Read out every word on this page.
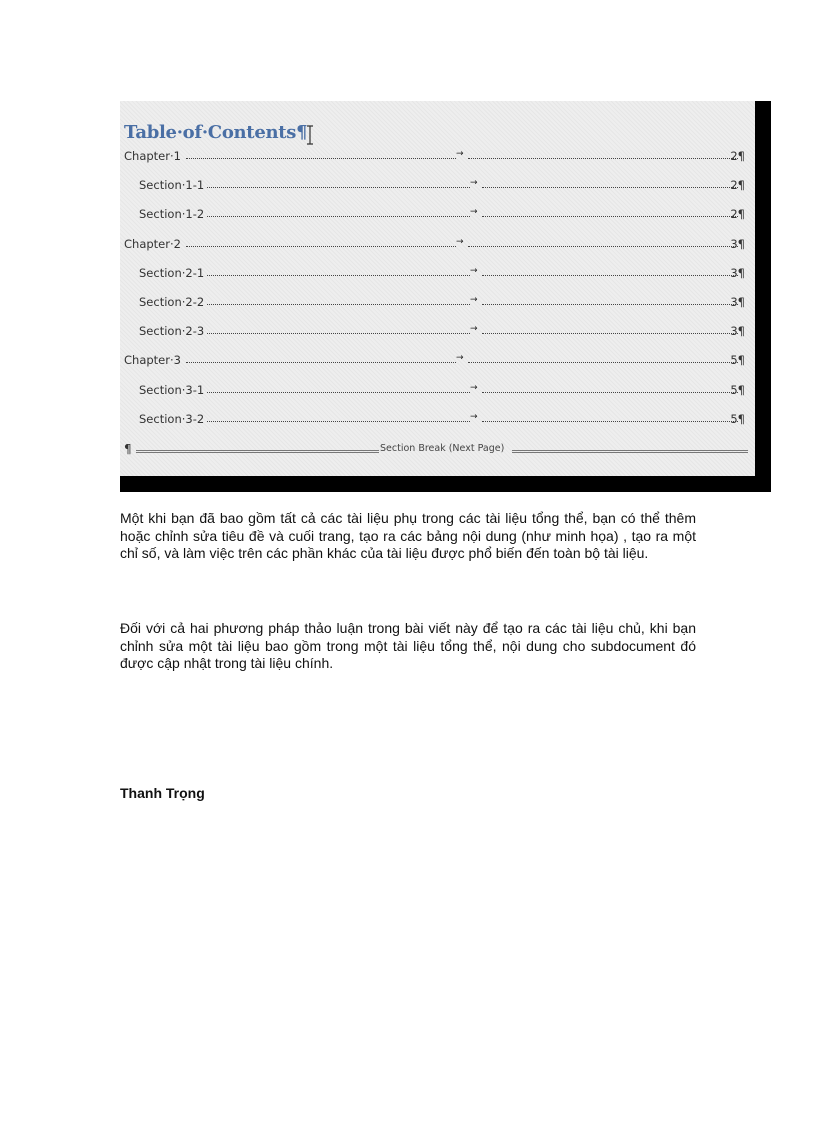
Table·of·Contents¶
Chapter·1	→	2¶
Section·1-1	→	2¶
Section·1-2	→	2¶
Chapter·2	→	3¶
Section·2-1	→	3¶
Section·2-2	→	3¶
Section·2-3	→	3¶
Chapter·3	→	5¶
Section·3-1	→	5¶
Section·3-2	→	5¶
¶	Section Break (Next Page)
Một khi bạn đã bao gồm tất cả các tài liệu phụ trong các tài liệu tổng thể, bạn có thể thêm hoặc chỉnh sửa tiêu đề và cuối trang, tạo ra các bảng nội dung (như minh họa) , tạo ra một chỉ số, và làm việc trên các phần khác của tài liệu được phổ biến đến toàn bộ tài liệu.
Đối với cả hai phương pháp thảo luận trong bài viết này để tạo ra các tài liệu chủ, khi bạn chỉnh sửa một tài liệu bao gồm trong một tài liệu tổng thể, nội dung cho subdocument đó được cập nhật trong tài liệu chính.
Thanh Trọng
